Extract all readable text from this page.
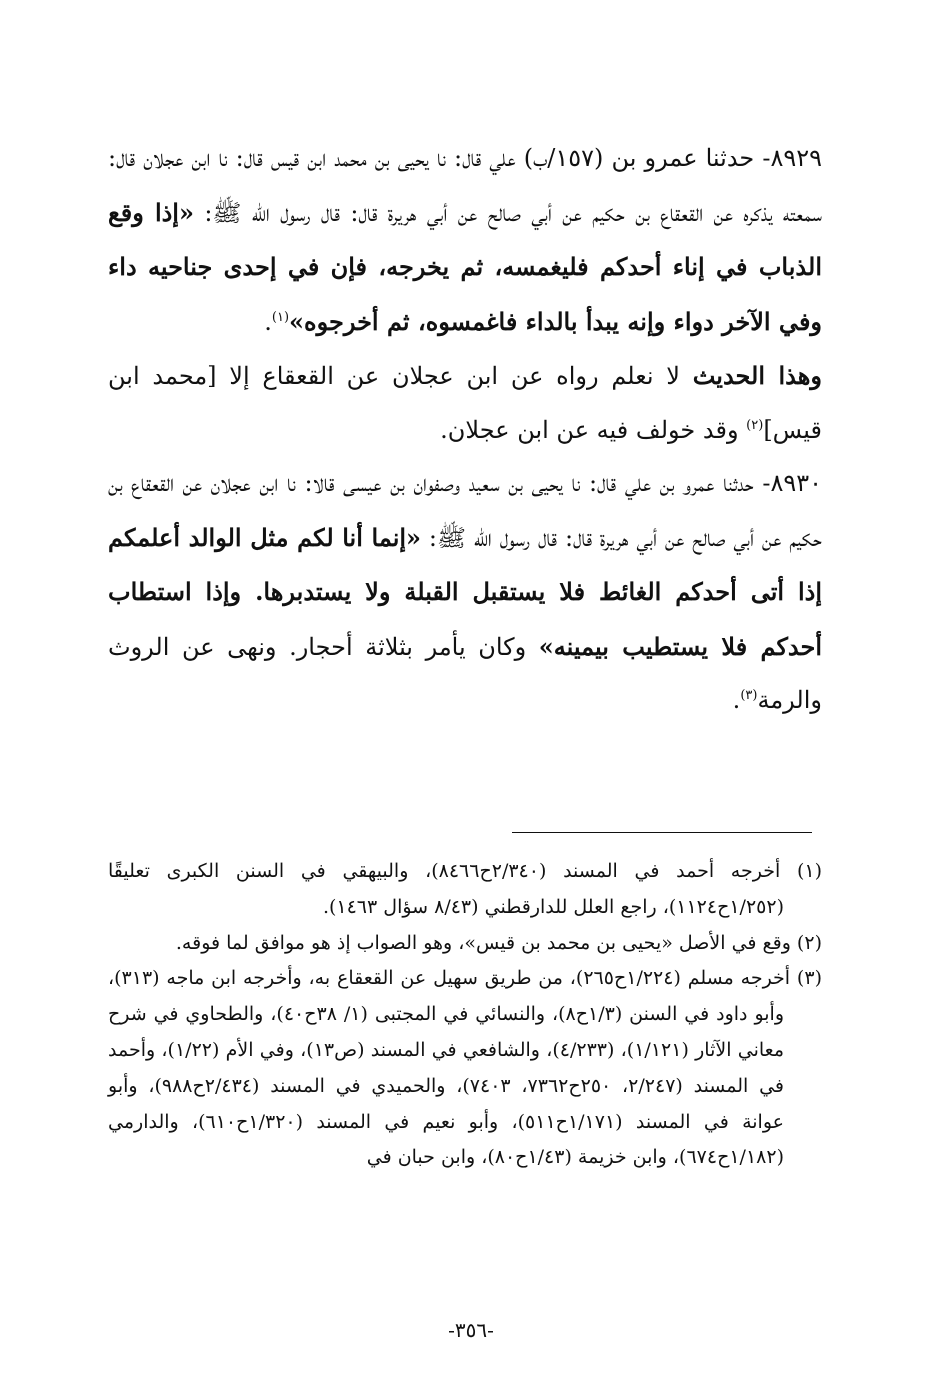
٨٩٢٩- حدثنا عمرو بن (١٥٧/ب) علي قال: نا يحيى بن محمد ابن قيس قال: نا ابن عجلان قال: سمعته يذكره عن القعقاع بن حكيم عن أبي صالح عن أبي هريرة قال: قال رسول الله ﷺ: «إذا وقع الذباب في إناء أحدكم فليغمسه، ثم يخرجه، فإن في إحدى جناحيه داء وفي الآخر دواء وإنه يبدأ بالداء فاغمسوه، ثم أخرجوه»$^{(١)}$.

وهذا الحديث لا نعلم رواه عن ابن عجلان عن القعقاع إلا [محمد ابن قيس]$^{(٢)}$ وقد خولف فيه عن ابن عجلان.

٨٩٣٠- حدثنا عمرو بن علي قال: نا يحيى بن سعيد وصفوان بن عيسى قالا: نا ابن عجلان عن القعقاع بن حكيم عن أبي صالح عن أبي هريرة قال: قال رسول الله ﷺ: «إنما أنا لكم مثل الوالد أعلمكم إذا أتى أحدكم الغائط فلا يستقبل القبلة ولا يستدبرها. وإذا استطاب أحدكم فلا يستطيب بيمينه» وكان يأمر بثلاثة أحجار. ونهى عن الروث والرمة$^{(٣)}$.

(١) أخرجه أحمد في المسند (٢/٣٤٠ح٨٤٦٦)، والبيهقي في السنن الكبرى تعليقًا (١/٢٥٢ح١١٢٤)، راجع العلل للدارقطني (٨/٤٣ سؤال ١٤٦٣).

(٢) وقع في الأصل «يحيى بن محمد بن قيس»، وهو الصواب إذ هو موافق لما فوقه.

(٣) أخرجه مسلم (١/٢٢٤ح٢٦٥)، من طريق سهيل عن القعقاع به، وأخرجه ابن ماجه (٣١٣)، وأبو داود في السنن (١/٣ح٨)، والنسائي في المجتبى (١/ ٣٨ح٤٠)، والطحاوي في شرح معاني الآثار (١/١٢١)، (٤/٢٣٣)، والشافعي في المسند (ص١٣)، وفي الأم (١/٢٢)، وأحمد في المسند (٢/٢٤٧، ٢٥٠ح٧٣٦٢، ٧٤٠٣)، والحميدي في المسند (٢/٤٣٤ح٩٨٨)، وأبو عوانة في المسند (١/١٧١ح٥١١)، وأبو نعيم في المسند (١/٣٢٠ح٦١٠)، والدارمي (١/١٨٢ح٦٧٤)، وابن خزيمة (١/٤٣ح٨٠)، وابن حبان في

-٣٥٦-
